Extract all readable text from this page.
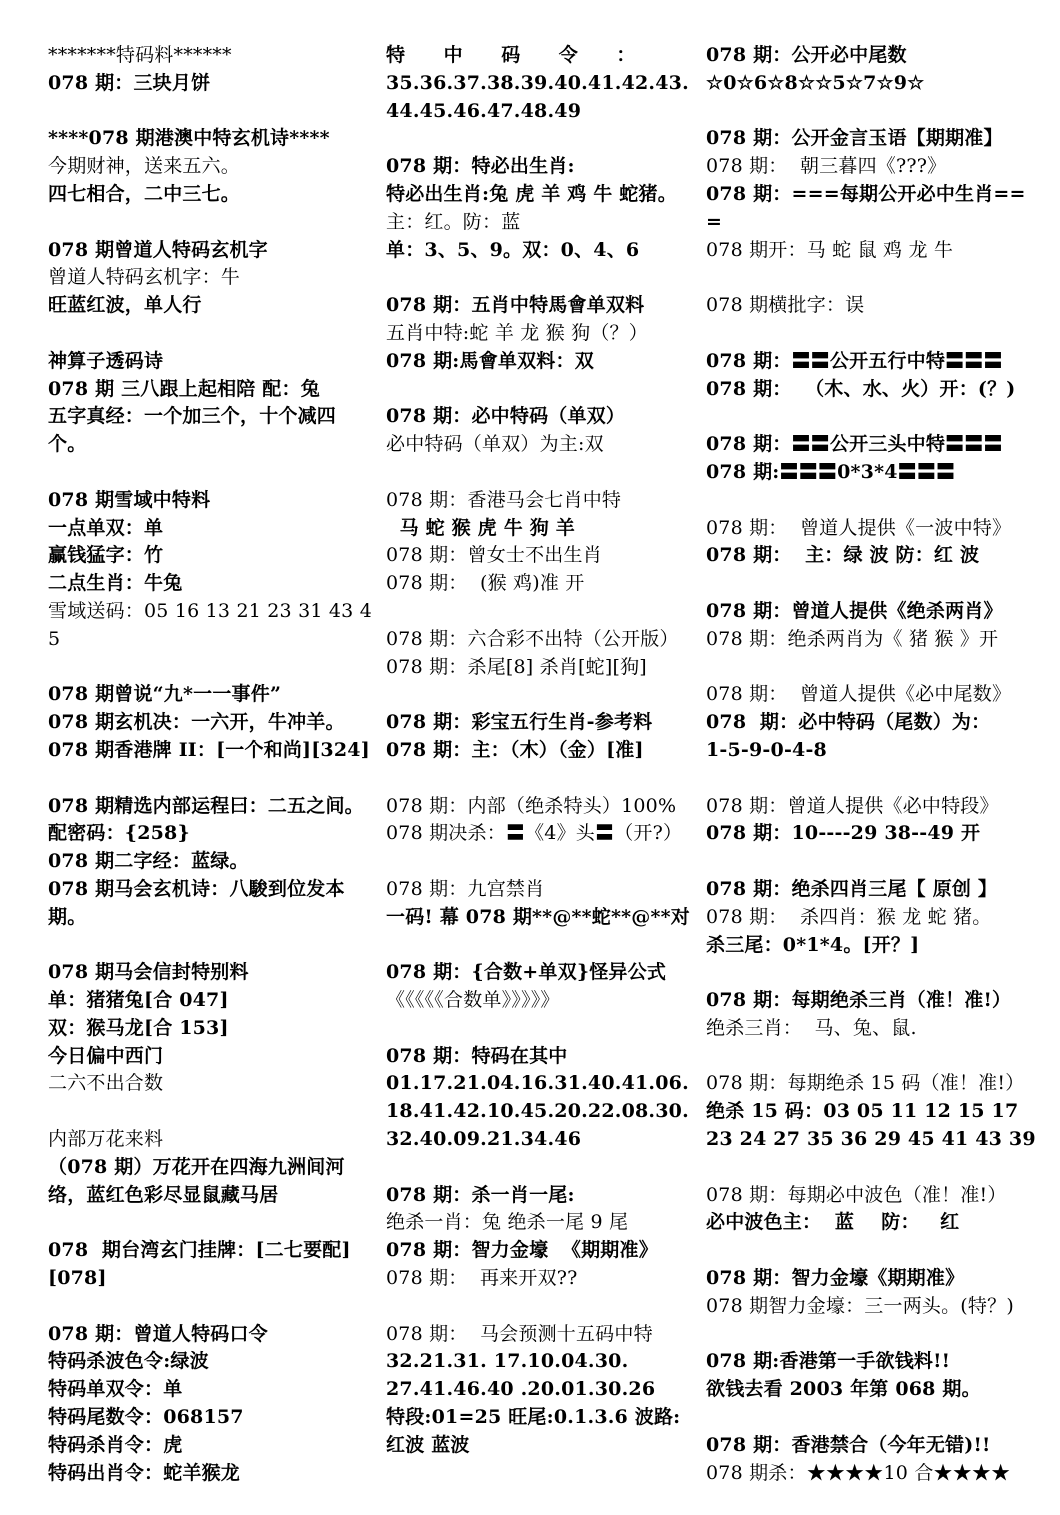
*******特码料******
078 期：三块月饼
****078 期港澳中特玄机诗****
今期财神，送来五六。
四七相合，二中三七。
078 期曾道人特码玄机字
曾道人特码玄机字：牛
旺蓝红波，单人行
神算子透码诗
078 期 三八跟上起相陪 配：兔
五字真经：一个加三个，十个减四个。
078 期雪域中特料
一点单双：单
赢钱猛字：竹
二点生肖：牛兔
雪域送码：05 16 13 21 23 31 43 45
078 期曾说“九*一一事件”
078 期玄机决：一六开，牛冲羊。
078 期香港牌 II：[一个和尚][324]
078 期精选内部运程曰：二五之间。
配密码：{258}
078 期二字经：蓝绿。
078 期马会玄机诗：八駿到位发本期。
078 期马会信封特别料
单：猪猪兔[合 047]
双：猴马龙[合 153]
今日偏中西门
二六不出合数
内部万花来料
（078 期）万花开在四海九洲间河络，蓝红色彩尽显鼠藏马居
078  期台湾玄门挂牌：[二七要配][078]
078 期：曾道人特码口令
特码杀波色令:绿波
特码单双令：单
特码尾数令：068157
特码杀肖令：虎
特码出肖令：蛇羊猴龙
特　　中　　码　　令　　：
35.36.37.38.39.40.41.42.43.44.45.46.47.48.49
078 期：特必出生肖:
特必出生肖:兔 虎 羊 鸡 牛 蛇猪。
主：红。防：蓝
单：3、5、9。双：0、4、6
078 期：五肖中特馬會单双料
五肖中特:蛇 羊 龙 猴 狗（？）
078 期:馬會单双料：双
078 期：必中特码（单双）
必中特码（单双）为主:双
078 期：香港马会七肖中特
马 蛇 猴 虎 牛 狗 羊
078 期：曾女士不出生肖
078 期：  (猴 鸡)准 开
078 期：六合彩不出特（公开版）
078 期：杀尾[8] 杀肖[蛇][狗]
078 期：彩宝五行生肖-参考料
078 期：主：（木）（金）[准]
078 期：内部（绝杀特头）100%
078 期决杀：〓《4》头〓（开?）
078 期：九宫禁肖
一码! 幕 078 期**@**蛇**@**对
078 期：{合数+单双}怪异公式
《《《《《合数单》》》》》
078 期：特码在其中
01.17.21.04.16.31.40.41.06.18.41.42.10.45.20.22.08.30.32.40.09.21.34.46
078 期：杀一肖一尾:
绝杀一肖：兔 绝杀一尾 9 尾
078 期：智力金壕  《期期准》
078 期：  再来开双??
078 期：  马会预测十五码中特
32.21.31. 17.10.04.30.
27.41.46.40 .20.01.30.26
特段:01=25 旺尾:0.1.3.6 波路:红波 蓝波
078 期：公开必中尾数
☆0☆6☆8☆☆5☆7☆9☆
078 期：公开金言玉语【期期准】
078 期：  朝三暮四《???》
078 期：===每期公开必中生肖===
078 期开：马 蛇 鼠 鸡 龙 牛
078 期横批字：误
078 期：〓〓公开五行中特〓〓〓
078 期：  （木、水、火）开：(？)
078 期：〓〓公开三头中特〓〓〓
078 期:〓〓〓0*3*4〓〓〓
078 期：  曾道人提供《一波中特》
078 期：  主：绿 波 防：红 波
078 期：曾道人提供《绝杀两肖》
078 期：绝杀两肖为《 猪 猴 》开
078 期：  曾道人提供《必中尾数》
078  期：必中特码（尾数）为：
1-5-9-0-4-8
078 期：曾道人提供《必中特段》
078 期：10----29 38--49 开
078 期：绝杀四肖三尾【 原创 】
078 期：  杀四肖：猴 龙 蛇 猪。
杀三尾：0*1*4。[开？]
078 期：每期绝杀三肖（准！准!）
绝杀三肖：  马、兔、鼠.
078 期：每期绝杀 15 码（准！准!）
绝杀 15 码：03 05 11 12 15 17 23 24 27 35 36 29 45 41 43 39
078 期：每期必中波色（准！准!）
必中波色主：  蓝    防：   红
078 期：智力金壕《期期准》
078 期智力金壕：三一两头。(特？)
078 期:香港第一手欲钱料!!
欲钱去看 2003 年第 068 期。
078 期：香港禁合（今年无错)!!
078 期杀：★★★★10 合★★★★
